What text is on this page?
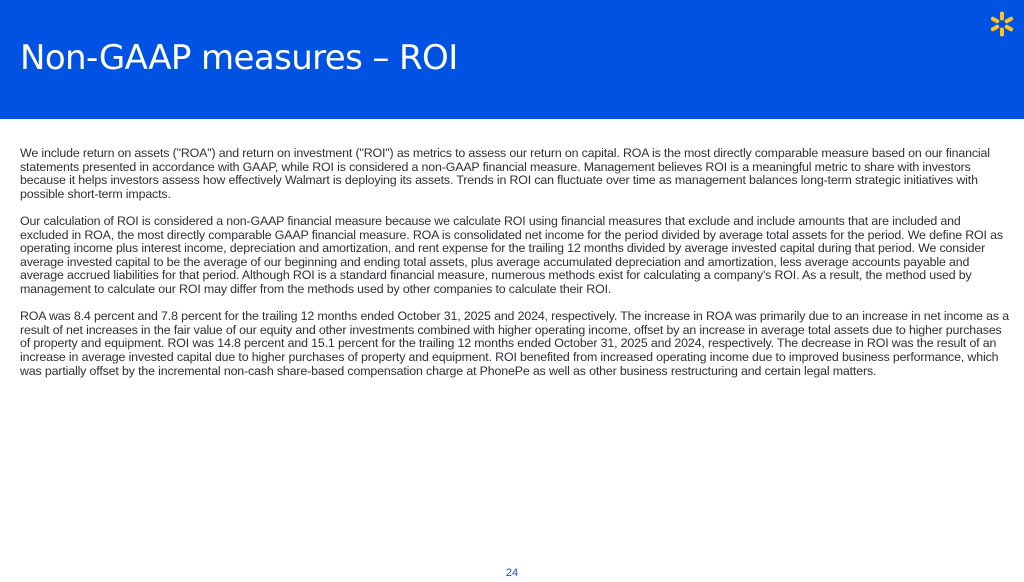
Non-GAAP measures – ROI

We include return on assets ("ROA") and return on investment ("ROI") as metrics to assess our return on capital. ROA is the most directly comparable measure based on our financial statements presented in accordance with GAAP, while ROI is considered a non-GAAP financial measure. Management believes ROI is a meaningful metric to share with investors because it helps investors assess how effectively Walmart is deploying its assets. Trends in ROI can fluctuate over time as management balances long-term strategic initiatives with possible short-term impacts.

Our calculation of ROI is considered a non-GAAP financial measure because we calculate ROI using financial measures that exclude and include amounts that are included and excluded in ROA, the most directly comparable GAAP financial measure. ROA is consolidated net income for the period divided by average total assets for the period. We define ROI as operating income plus interest income, depreciation and amortization, and rent expense for the trailing 12 months divided by average invested capital during that period. We consider average invested capital to be the average of our beginning and ending total assets, plus average accumulated depreciation and amortization, less average accounts payable and average accrued liabilities for that period. Although ROI is a standard financial measure, numerous methods exist for calculating a company's ROI. As a result, the method used by management to calculate our ROI may differ from the methods used by other companies to calculate their ROI.

ROA was 8.4 percent and 7.8 percent for the trailing 12 months ended October 31, 2025 and 2024, respectively. The increase in ROA was primarily due to an increase in net income as a result of net increases in the fair value of our equity and other investments combined with higher operating income, offset by an increase in average total assets due to higher purchases of property and equipment. ROI was 14.8 percent and 15.1 percent for the trailing 12 months ended October 31, 2025 and 2024, respectively. The decrease in ROI was the result of an increase in average invested capital due to higher purchases of property and equipment. ROI benefited from increased operating income due to improved business performance, which was partially offset by the incremental non-cash share-based compensation charge at PhonePe as well as other business restructuring and certain legal matters.

24
